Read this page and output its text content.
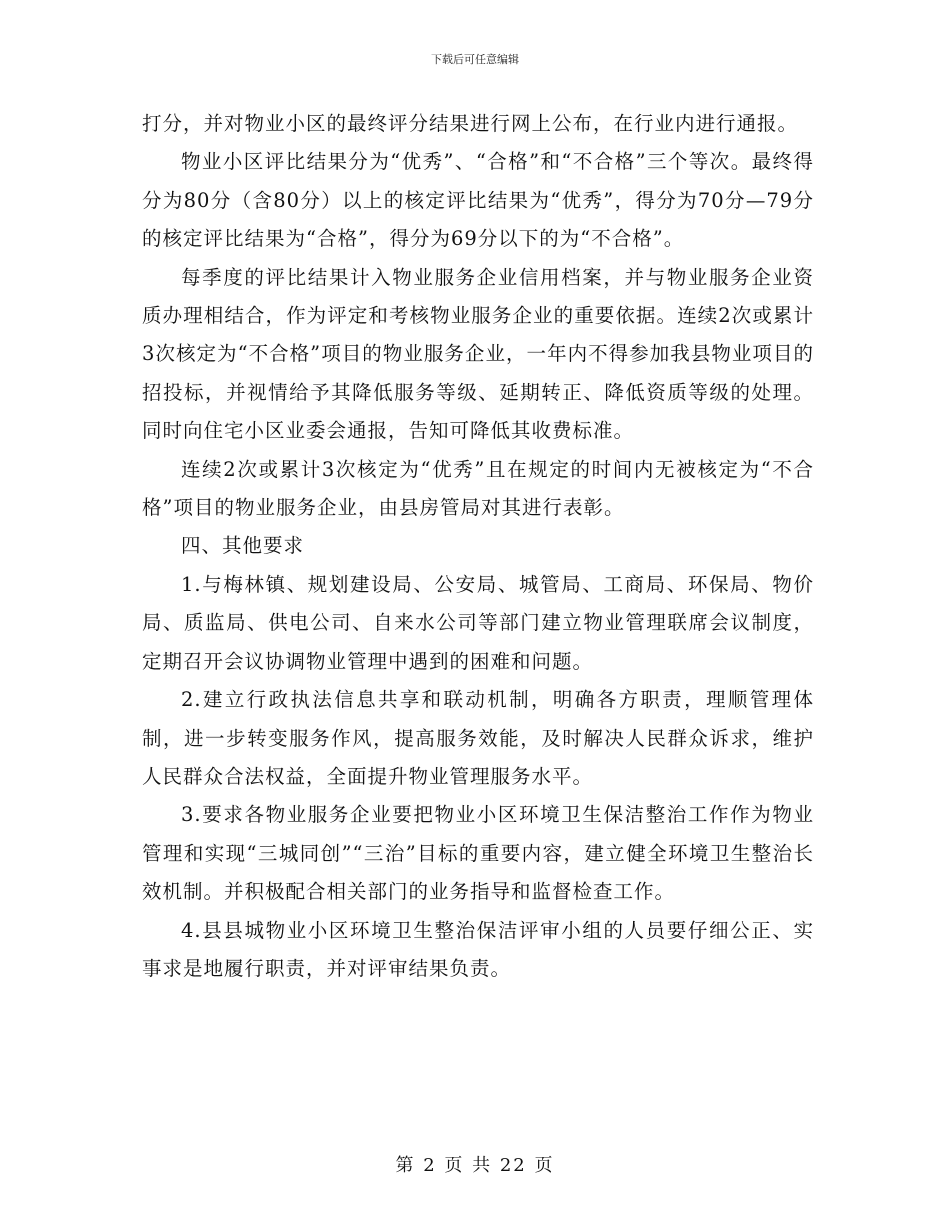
下载后可任意编辑

打分，并对物业小区的最终评分结果进行网上公布，在行业内进行通报。

物业小区评比结果分为“优秀”、“合格”和“不合格”三个等次。最终得分为80分（含80分）以上的核定评比结果为“优秀”，得分为70分—79分的核定评比结果为“合格”，得分为69分以下的为“不合格”。

每季度的评比结果计入物业服务企业信用档案，并与物业服务企业资质办理相结合，作为评定和考核物业服务企业的重要依据。连续2次或累计3次核定为“不合格”项目的物业服务企业，一年内不得参加我县物业项目的招投标，并视情给予其降低服务等级、延期转正、降低资质等级的处理。同时向住宅小区业委会通报，告知可降低其收费标准。

连续2次或累计3次核定为“优秀”且在规定的时间内无被核定为“不合格”项目的物业服务企业，由县房管局对其进行表彰。

四、其他要求

1.与梅林镇、规划建设局、公安局、城管局、工商局、环保局、物价局、质监局、供电公司、自来水公司等部门建立物业管理联席会议制度，定期召开会议协调物业管理中遇到的困难和问题。

2.建立行政执法信息共享和联动机制，明确各方职责，理顺管理体制，进一步转变服务作风，提高服务效能，及时解决人民群众诉求，维护人民群众合法权益，全面提升物业管理服务水平。

3.要求各物业服务企业要把物业小区环境卫生保洁整治工作作为物业管理和实现“三城同创”“三治”目标的重要内容，建立健全环境卫生整治长效机制。并积极配合相关部门的业务指导和监督检查工作。

4.县县城物业小区环境卫生整治保洁评审小组的人员要仔细公正、实事求是地履行职责，并对评审结果负责。

第 2 页 共 22 页
